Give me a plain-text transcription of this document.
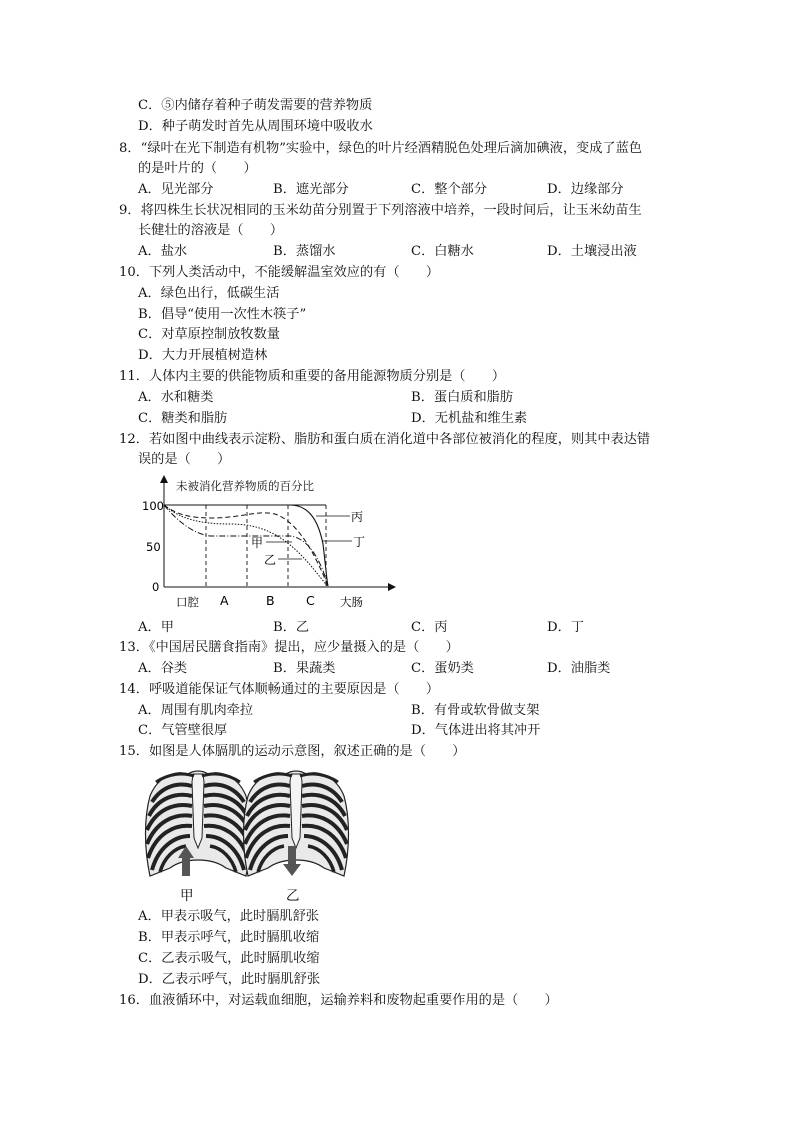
C．⑤内储存着种子萌发需要的营养物质
D．种子萌发时首先从周围环境中吸收水
8．“绿叶在光下制造有机物”实验中，绿色的叶片经酒精脱色处理后滴加碘液，变成了蓝色
的是叶片的（　　）
A．见光部分	B．遮光部分	C．整个部分	D．边缘部分
9．将四株生长状况相同的玉米幼苗分别置于下列溶液中培养，一段时间后，让玉米幼苗生
长健壮的溶液是（　　）
A．盐水	B．蒸馏水	C．白糖水	D．土壤浸出液
10．下列人类活动中，不能缓解温室效应的有（　　）
A．绿色出行，低碳生活
B．倡导“使用一次性木筷子”
C．对草原控制放牧数量
D．大力开展植树造林
11．人体内主要的供能物质和重要的备用能源物质分别是（　　）
A．水和糖类	B．蛋白质和脂肪
C．糖类和脂肪	D．无机盐和维生素
12．若如图中曲线表示淀粉、脂肪和蛋白质在消化道中各部位被消化的程度，则其中表达错
误的是（　　）
未被消化营养物质的百分比
100
50
0
丙
丁
甲
乙
口腔 A	B	C 大肠
A．甲	B．乙	C．丙	D．丁
13．《中国居民膳食指南》提出，应少量摄入的是（　　）
A．谷类	B．果蔬类	C．蛋奶类	D．油脂类
14．呼吸道能保证气体顺畅通过的主要原因是（　　）
A．周围有肌肉牵拉	B．有骨或软骨做支架
C．气管壁很厚	D．气体进出将其冲开
15．如图是人体膈肌的运动示意图，叙述正确的是（　　）
甲	乙
A．甲表示吸气，此时膈肌舒张
B．甲表示呼气，此时膈肌收缩
C．乙表示吸气，此时膈肌收缩
D．乙表示呼气，此时膈肌舒张
16．血液循环中，对运载血细胞，运输养料和废物起重要作用的是（　　）
